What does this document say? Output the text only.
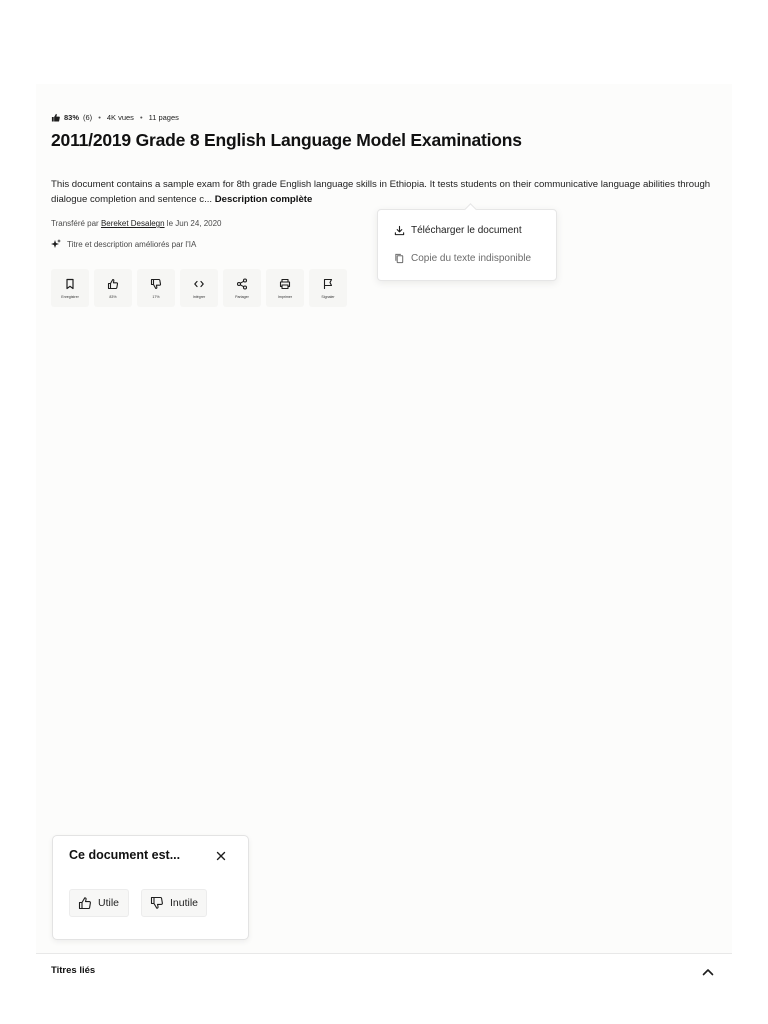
83% (6) • 4K vues • 11 pages
2011/2019 Grade 8 English Language Model Examinations

This document contains a sample exam for 8th grade English language skills in Ethiopia. It tests students on their communicative language abilities through dialogue completion and sentence c... Description complète

Transféré par Bereket Desalegn le Jun 24, 2020
Titre et description améliorés par l'IA
Enregistrer	83%	17%	Intégrer	Partager	Imprimer	Signaler
Télécharger le document
Copie du texte indisponible
Ce document est...
Utile	Inutile
Titres liés
